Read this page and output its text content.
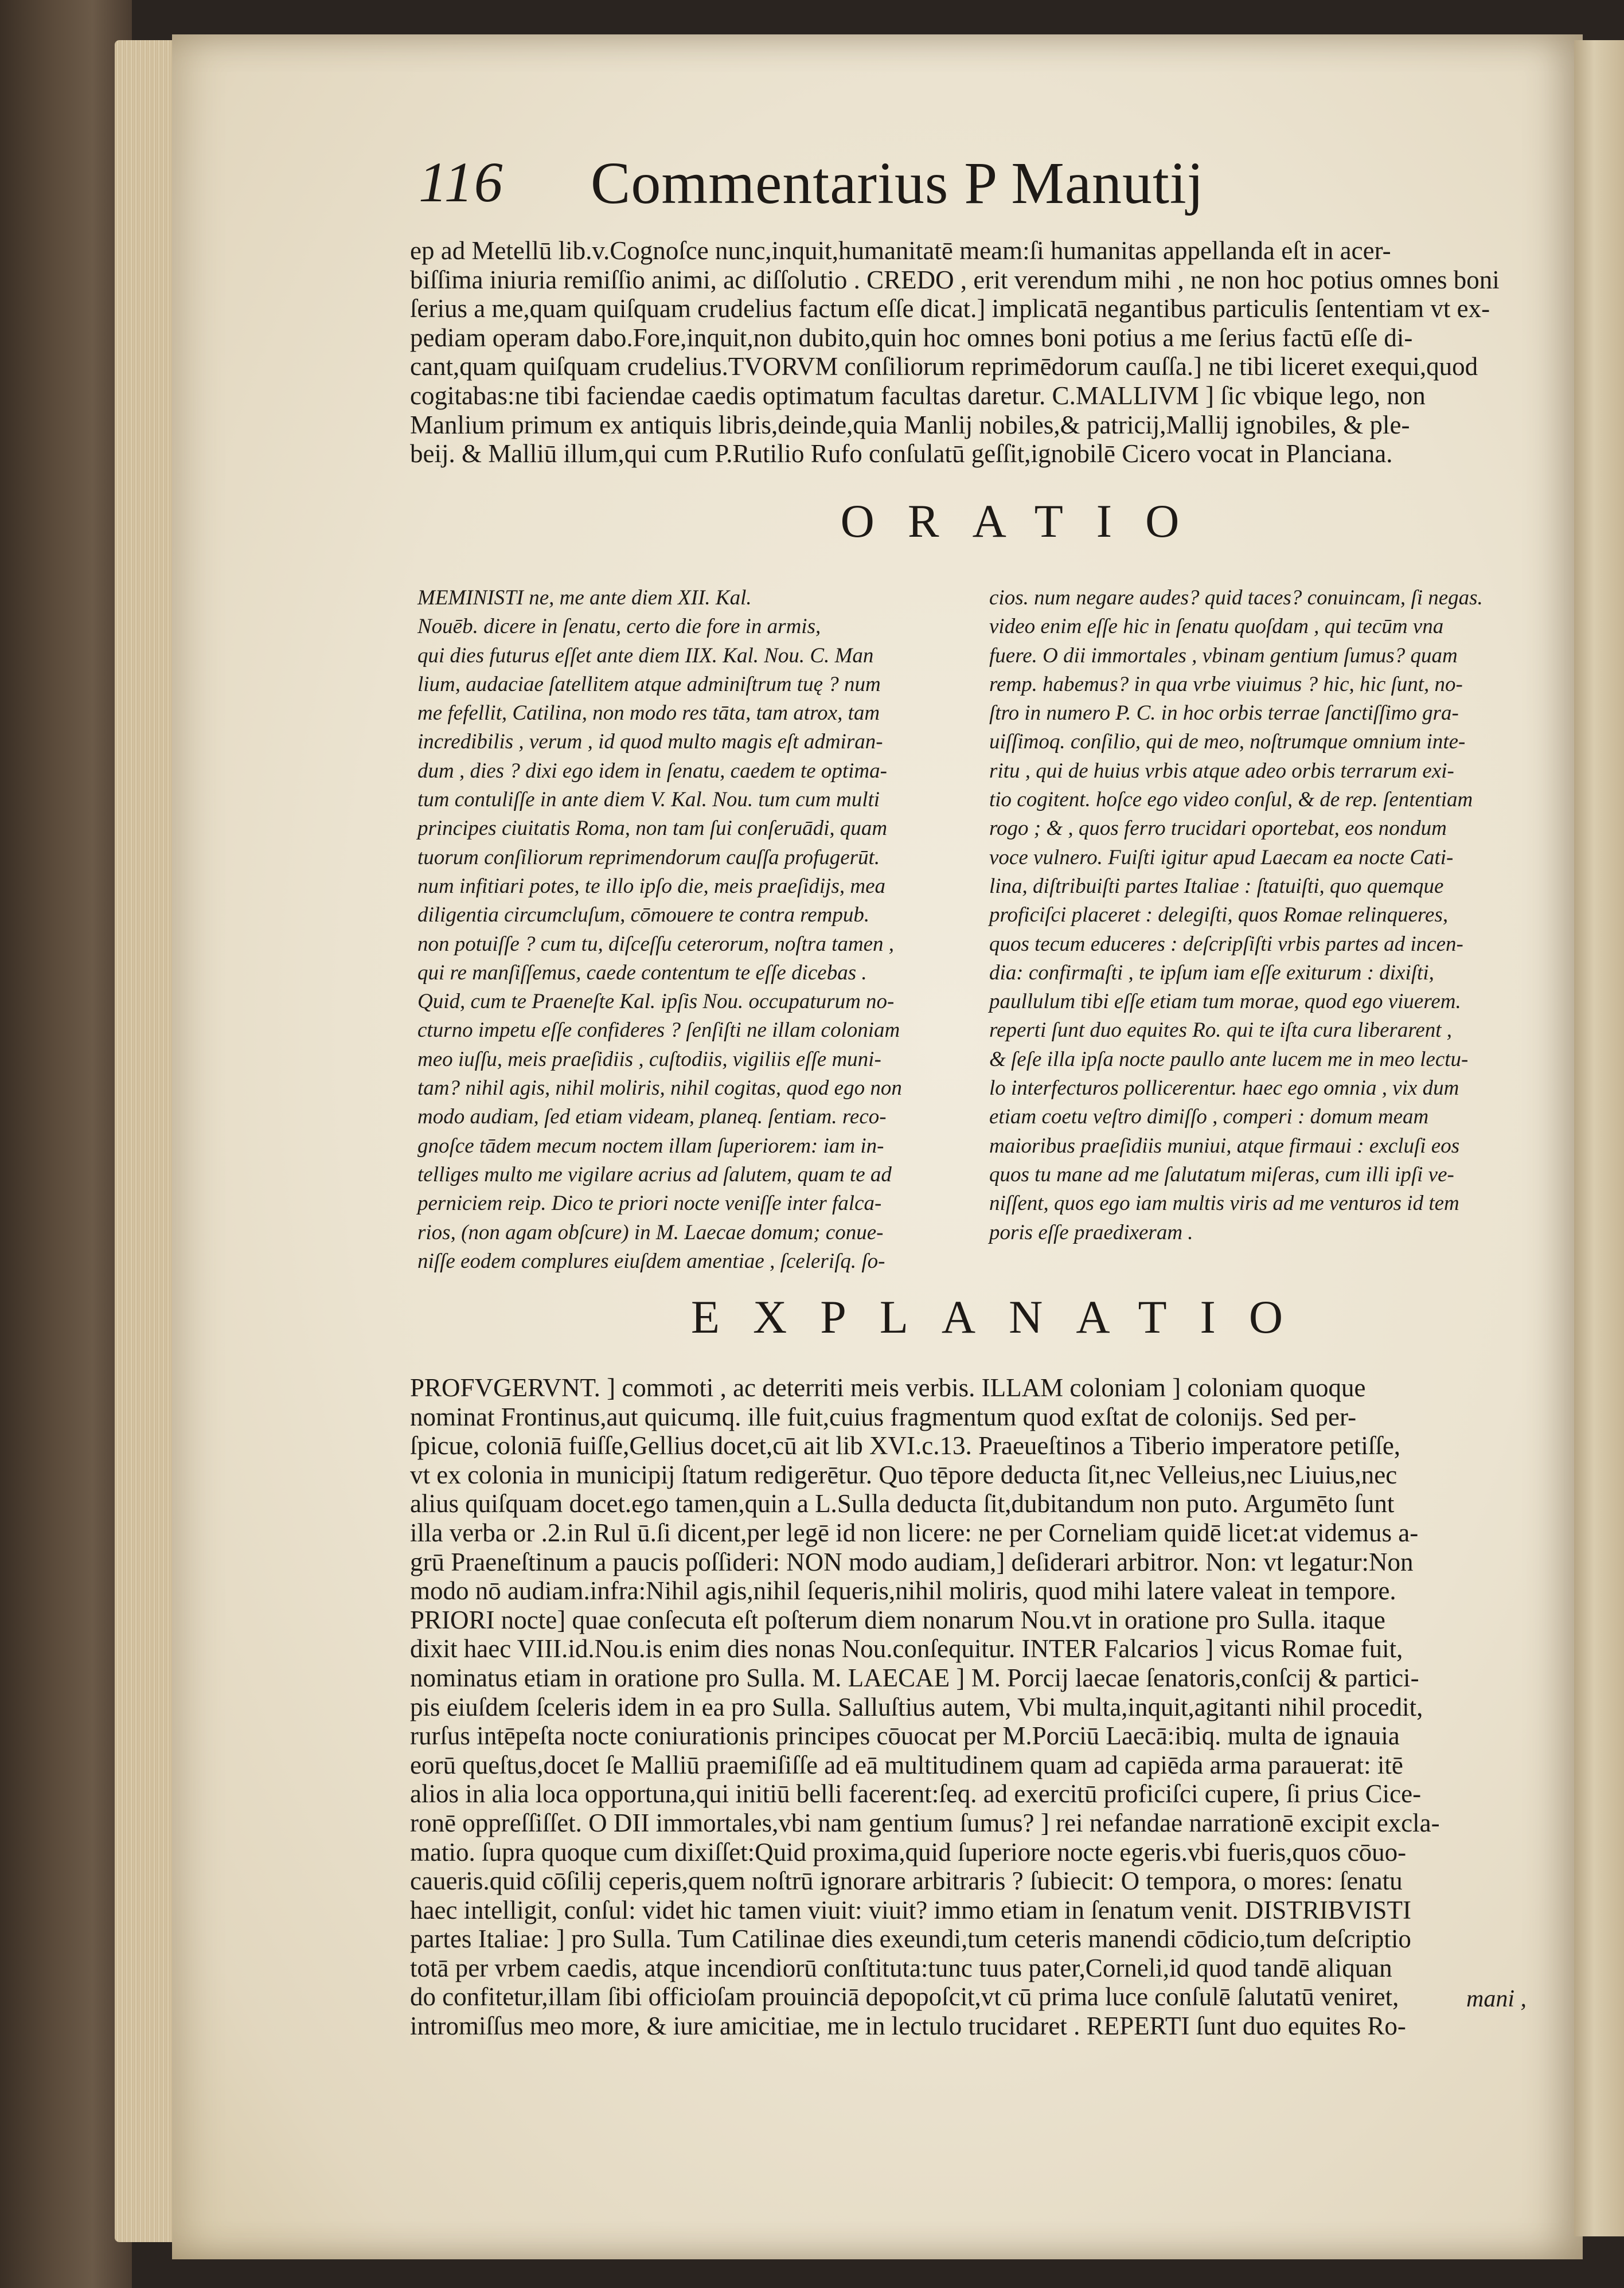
116 Commentarius P Manutij
ep ad Metellū lib.v.Cognoſce nunc,inquit,humanitatē meam:ſi humanitas appellanda eſt in acer-
biſſima iniuria remiſſio animi, ac diſſolutio . CREDO , erit verendum mihi , ne non hoc potius omnes boni
ſerius a me,quam quiſquam crudelius factum eſſe dicat.] implicatā negantibus particulis ſententiam vt ex-
pediam operam dabo.Fore,inquit,non dubito,quin hoc omnes boni potius a me ſerius factū eſſe di-
cant,quam quiſquam crudelius.TVORVM conſiliorum reprimēdorum cauſſa.] ne tibi liceret exequi,quod
cogitabas:ne tibi faciendae caedis optimatum facultas daretur. C.MALLIVM ] ſic vbique lego, non
Manlium primum ex antiquis libris,deinde,quia Manlij nobiles,& patricij,Mallij ignobiles, & ple-
beij. & Malliū illum,qui cum P.Rutilio Rufo conſulatū geſſit,ignobilē Cicero vocat in Planciana.
ORATIO
MEMINISTI ne, me ante diem XII. Kal.
Nouēb. dicere in ſenatu, certo die fore in armis,
qui dies futurus eſſet ante diem IIX. Kal. Nou. C. Man
lium, audaciae ſatellitem atque adminiſtrum tuę ? num
me fefellit, Catilina, non modo res tāta, tam atrox, tam
incredibilis , verum , id quod multo magis eſt admiran-
dum , dies ? dixi ego idem in ſenatu, caedem te optima-
tum contuliſſe in ante diem V. Kal. Nou. tum cum multi
principes ciuitatis Roma, non tam ſui conſeruādi, quam
tuorum conſiliorum reprimendorum cauſſa profugerūt.
num infitiari potes, te illo ipſo die, meis praeſidijs, mea
diligentia circumcluſum, cōmouere te contra rempub.
non potuiſſe ? cum tu, diſceſſu ceterorum, noſtra tamen ,
qui re manſiſſemus, caede contentum te eſſe dicebas .
Quid, cum te Praeneſte Kal. ipſis Nou. occupaturum no-
cturno impetu eſſe confideres ? ſenſiſti ne illam coloniam
meo iuſſu, meis praeſidiis , cuſtodiis, vigiliis eſſe muni-
tam? nihil agis, nihil moliris, nihil cogitas, quod ego non
modo audiam, ſed etiam videam, planeq. ſentiam. reco-
gnoſce tādem mecum noctem illam ſuperiorem: iam in-
telliges multo me vigilare acrius ad ſalutem, quam te ad
perniciem reip. Dico te priori nocte veniſſe inter falca-
rios, (non agam obſcure) in M. Laecae domum; conue-
niſſe eodem complures eiuſdem amentiae , ſceleriſq. ſo-
cios. num negare audes? quid taces? conuincam, ſi negas.
video enim eſſe hic in ſenatu quoſdam , qui tecūm vna
fuere. O dii immortales , vbinam gentium ſumus? quam
remp. habemus? in qua vrbe viuimus ? hic, hic ſunt, no-
ſtro in numero P. C. in hoc orbis terrae ſanctiſſimo gra-
uiſſimoq. conſilio, qui de meo, noſtrumque omnium inte-
ritu , qui de huius vrbis atque adeo orbis terrarum exi-
tio cogitent. hoſce ego video conſul, & de rep. ſententiam
rogo ; & , quos ferro trucidari oportebat, eos nondum
voce vulnero. Fuiſti igitur apud Laecam ea nocte Cati-
lina, diſtribuiſti partes Italiae : ſtatuiſti, quo quemque
proficiſci placeret : delegiſti, quos Romae relinqueres,
quos tecum educeres : deſcripſiſti vrbis partes ad incen-
dia: confirmaſti , te ipſum iam eſſe exiturum : dixiſti,
paullulum tibi eſſe etiam tum morae, quod ego viuerem.
reperti ſunt duo equites Ro. qui te iſta cura liberarent ,
& ſeſe illa ipſa nocte paullo ante lucem me in meo lectu-
lo interfecturos pollicerentur. haec ego omnia , vix dum
etiam coetu veſtro dimiſſo , comperi : domum meam
maioribus praeſidiis muniui, atque firmaui : excluſi eos
quos tu mane ad me ſalutatum miſeras, cum illi ipſi ve-
niſſent, quos ego iam multis viris ad me venturos id tem
poris eſſe praedixeram .
EXPLANATIO
PROFVGERVNT. ] commoti , ac deterriti meis verbis. ILLAM coloniam ] coloniam quoque
nominat Frontinus,aut quicumq. ille fuit,cuius fragmentum quod exſtat de colonijs. Sed per-
ſpicue, coloniā fuiſſe,Gellius docet,cū ait lib XVI.c.13. Praeueſtinos a Tiberio imperatore petiſſe,
vt ex colonia in municipij ſtatum redigerētur. Quo tēpore deducta ſit,nec Velleius,nec Liuius,nec
alius quiſquam docet.ego tamen,quin a L.Sulla deducta ſit,dubitandum non puto. Argumēto ſunt
illa verba or .2.in Rul ū.ſi dicent,per legē id non licere: ne per Corneliam quidē licet:at videmus a-
grū Praeneſtinum a paucis poſſideri: NON modo audiam,] deſiderari arbitror. Non: vt legatur:Non
modo nō audiam.infra:Nihil agis,nihil ſequeris,nihil moliris, quod mihi latere valeat in tempore.
PRIORI nocte] quae conſecuta eſt poſterum diem nonarum Nou.vt in oratione pro Sulla. itaque
dixit haec VIII.id.Nou.is enim dies nonas Nou.conſequitur. INTER Falcarios ] vicus Romae fuit,
nominatus etiam in oratione pro Sulla. M. LAECAE ] M. Porcij laecae ſenatoris,conſcij & partici-
pis eiuſdem ſceleris idem in ea pro Sulla. Salluſtius autem, Vbi multa,inquit,agitanti nihil procedit,
rurſus intēpeſta nocte coniurationis principes cōuocat per M.Porciū Laecā:ibiq. multa de ignauia
eorū queſtus,docet ſe Malliū praemiſiſſe ad eā multitudinem quam ad capiēda arma parauerat: itē
alios in alia loca opportuna,qui initiū belli facerent:ſeq. ad exercitū proficiſci cupere, ſi prius Cice-
ronē oppreſſiſſet. O DII immortales,vbi nam gentium ſumus? ] rei nefandae narrationē excipit excla-
matio. ſupra quoque cum dixiſſet:Quid proxima,quid ſuperiore nocte egeris.vbi fueris,quos cōuo-
caueris.quid cōſilij ceperis,quem noſtrū ignorare arbitraris ? ſubiecit: O tempora, o mores: ſenatu
haec intelligit, conſul: videt hic tamen viuit: viuit? immo etiam in ſenatum venit. DISTRIBVISTI
partes Italiae: ] pro Sulla. Tum Catilinae dies exeundi,tum ceteris manendi cōdicio,tum deſcriptio
totā per vrbem caedis, atque incendiorū conſtituta:tunc tuus pater,Corneli,id quod tandē aliquan
do confitetur,illam ſibi officioſam prouinciā depopoſcit,vt cū prima luce conſulē ſalutatū veniret,
intromiſſus meo more, & iure amicitiae, me in lectulo trucidaret . REPERTI ſunt duo equites Ro-
mani ,
